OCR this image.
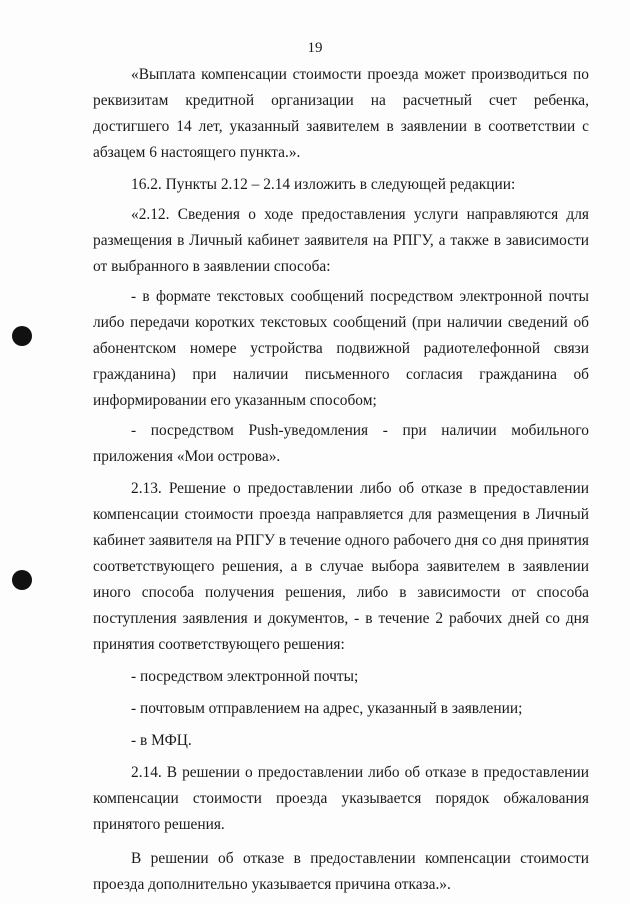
19

«Выплата компенсации стоимости проезда может производиться по реквизитам кредитной организации на расчетный счет ребенка, достигшего 14 лет, указанный заявителем в заявлении в соответствии с абзацем 6 настоящего пункта.».

16.2. Пункты 2.12 – 2.14 изложить в следующей редакции:

«2.12. Сведения о ходе предоставления услуги направляются для размещения в Личный кабинет заявителя на РПГУ, а также в зависимости от выбранного в заявлении способа:

- в формате текстовых сообщений посредством электронной почты либо передачи коротких текстовых сообщений (при наличии сведений об абонентском номере устройства подвижной радиотелефонной связи гражданина) при наличии письменного согласия гражданина об информировании его указанным способом;

- посредством Push-уведомления - при наличии мобильного приложения «Мои острова».

2.13. Решение о предоставлении либо об отказе в предоставлении компенсации стоимости проезда направляется для размещения в Личный кабинет заявителя на РПГУ в течение одного рабочего дня со дня принятия соответствующего решения, а в случае выбора заявителем в заявлении иного способа получения решения, либо в зависимости от способа поступления заявления и документов, - в течение 2 рабочих дней со дня принятия соответствующего решения:

- посредством электронной почты;

- почтовым отправлением на адрес, указанный в заявлении;

- в МФЦ.

2.14. В решении о предоставлении либо об отказе в предоставлении компенсации стоимости проезда указывается порядок обжалования принятого решения.

В решении об отказе в предоставлении компенсации стоимости проезда дополнительно указывается причина отказа.».
